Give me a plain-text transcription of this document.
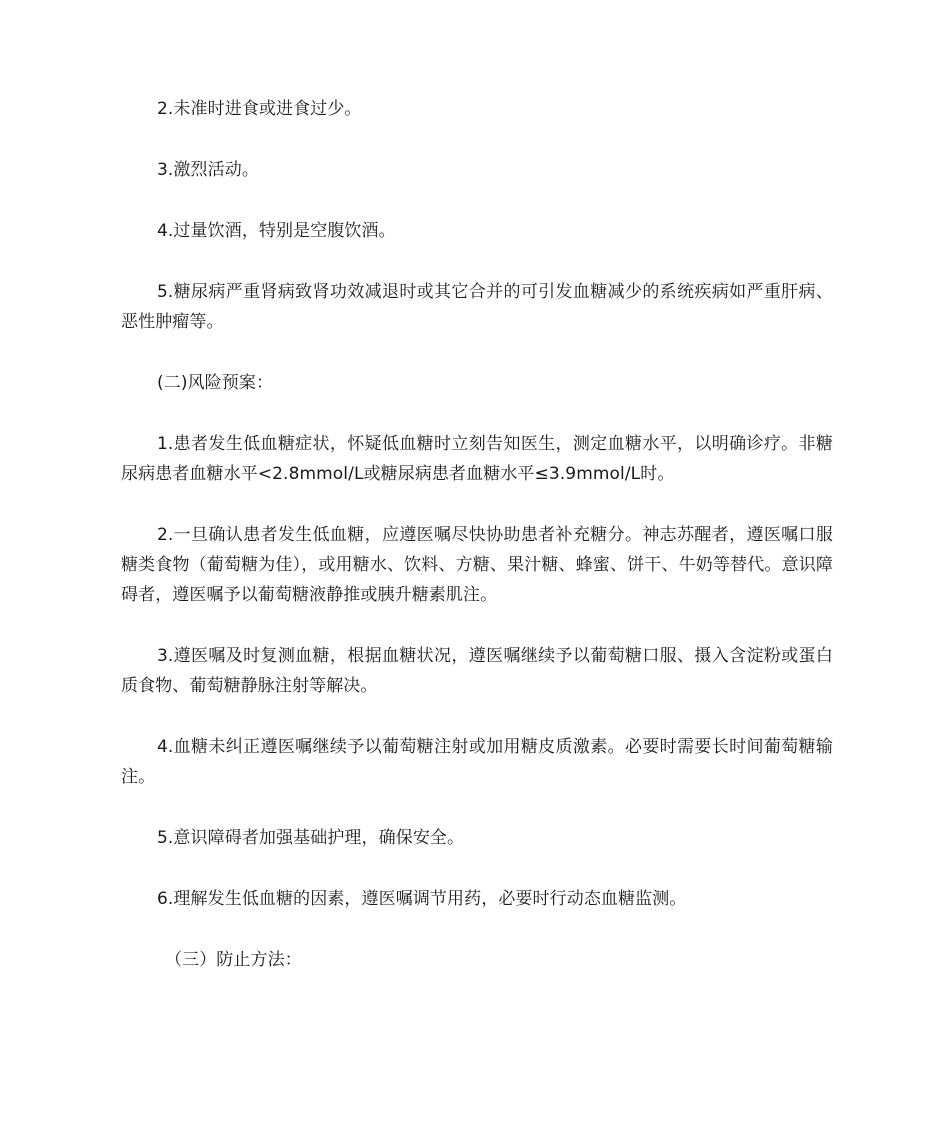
2.未准时进食或进食过少。

3.激烈活动。

4.过量饮酒，特别是空腹饮酒。

5.糖尿病严重肾病致肾功效减退时或其它合并的可引发血糖减少的系统疾病如严重肝病、恶性肿瘤等。

(二)风险预案：

1.患者发生低血糖症状，怀疑低血糖时立刻告知医生，测定血糖水平，以明确诊疗。非糖尿病患者血糖水平<2.8mmol/L或糖尿病患者血糖水平≤3.9mmol/L时。

2.一旦确认患者发生低血糖，应遵医嘱尽快协助患者补充糖分。神志苏醒者，遵医嘱口服糖类食物（葡萄糖为佳），或用糖水、饮料、方糖、果汁糖、蜂蜜、饼干、牛奶等替代。意识障碍者，遵医嘱予以葡萄糖液静推或胰升糖素肌注。

3.遵医嘱及时复测血糖，根据血糖状况，遵医嘱继续予以葡萄糖口服、摄入含淀粉或蛋白质食物、葡萄糖静脉注射等解决。

4.血糖未纠正遵医嘱继续予以葡萄糖注射或加用糖皮质激素。必要时需要长时间葡萄糖输注。

5.意识障碍者加强基础护理，确保安全。

6.理解发生低血糖的因素，遵医嘱调节用药，必要时行动态血糖监测。

（三）防止方法：
